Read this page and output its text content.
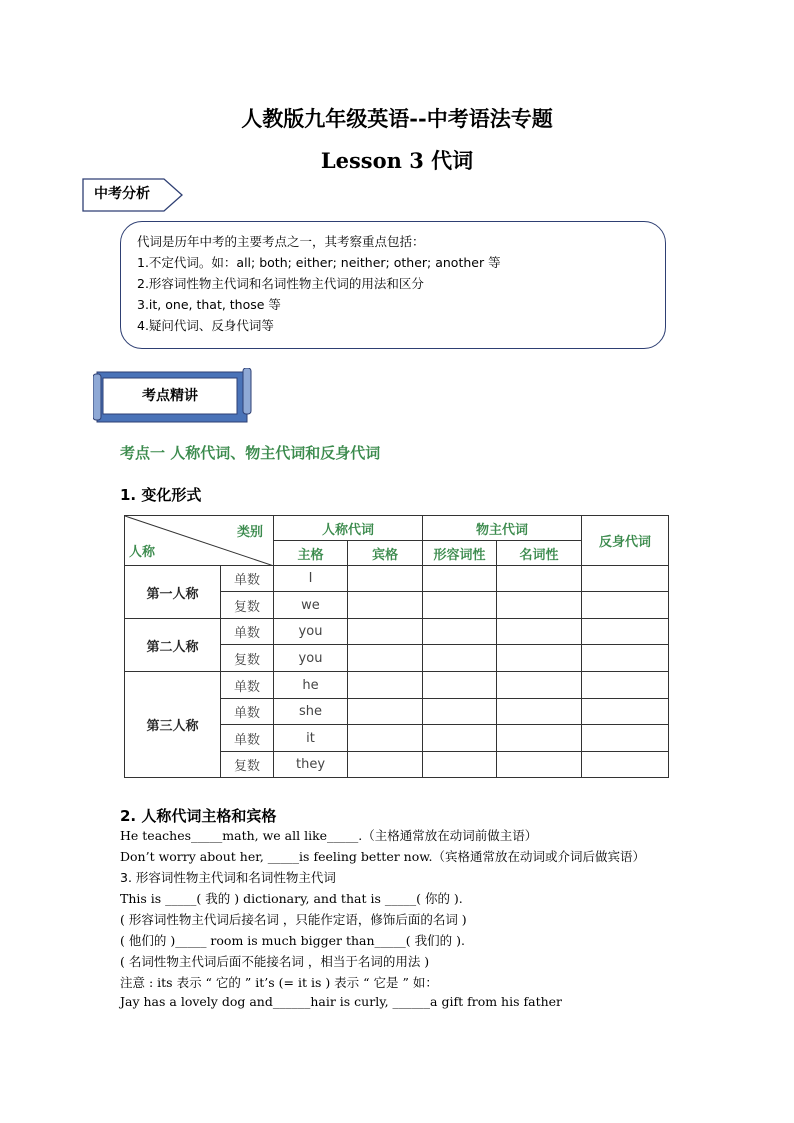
人教版九年级英语--中考语法专题
Lesson 3 代词
中考分析
代词是历年中考的主要考点之一，其考察重点包括：
1.不定代词。如：all; both; either; neither; other; another 等
2.形容词性物主代词和名词性物主代词的用法和区分
3.it, one, that, those 等
4.疑问代词、反身代词等
考点精讲
考点一 人称代词、物主代词和反身代词
1. 变化形式
类别
人称		人称代词		物主代词		反身代词
		主格	宾格	形容词性	名词性	
第一人称	单数	I				
	复数	we				
第二人称	单数	you				
	复数	you				
第三人称	单数	he				
	单数	she				
	单数	it				
	复数	they				
2. 人称代词主格和宾格
He teaches_____math, we all like_____.（主格通常放在动词前做主语）
Don’t worry about her, _____is feeling better now.（宾格通常放在动词或介词后做宾语）
3. 形容词性物主代词和名词性物主代词
This is _____( 我的 ) dictionary, and that is _____( 你的 ).
( 形容词性物主代词后接名词 ，只能作定语，修饰后面的名词 )
( 他们的 )_____ room is much bigger than_____( 我们的 ).
( 名词性物主代词后面不能接名词 ，相当于名词的用法 )
注意 : its 表示 “ 它的 ” it’s (= it is ) 表示 “ 它是 ” 如：
Jay has a lovely dog and______hair is curly, ______a gift from his father
